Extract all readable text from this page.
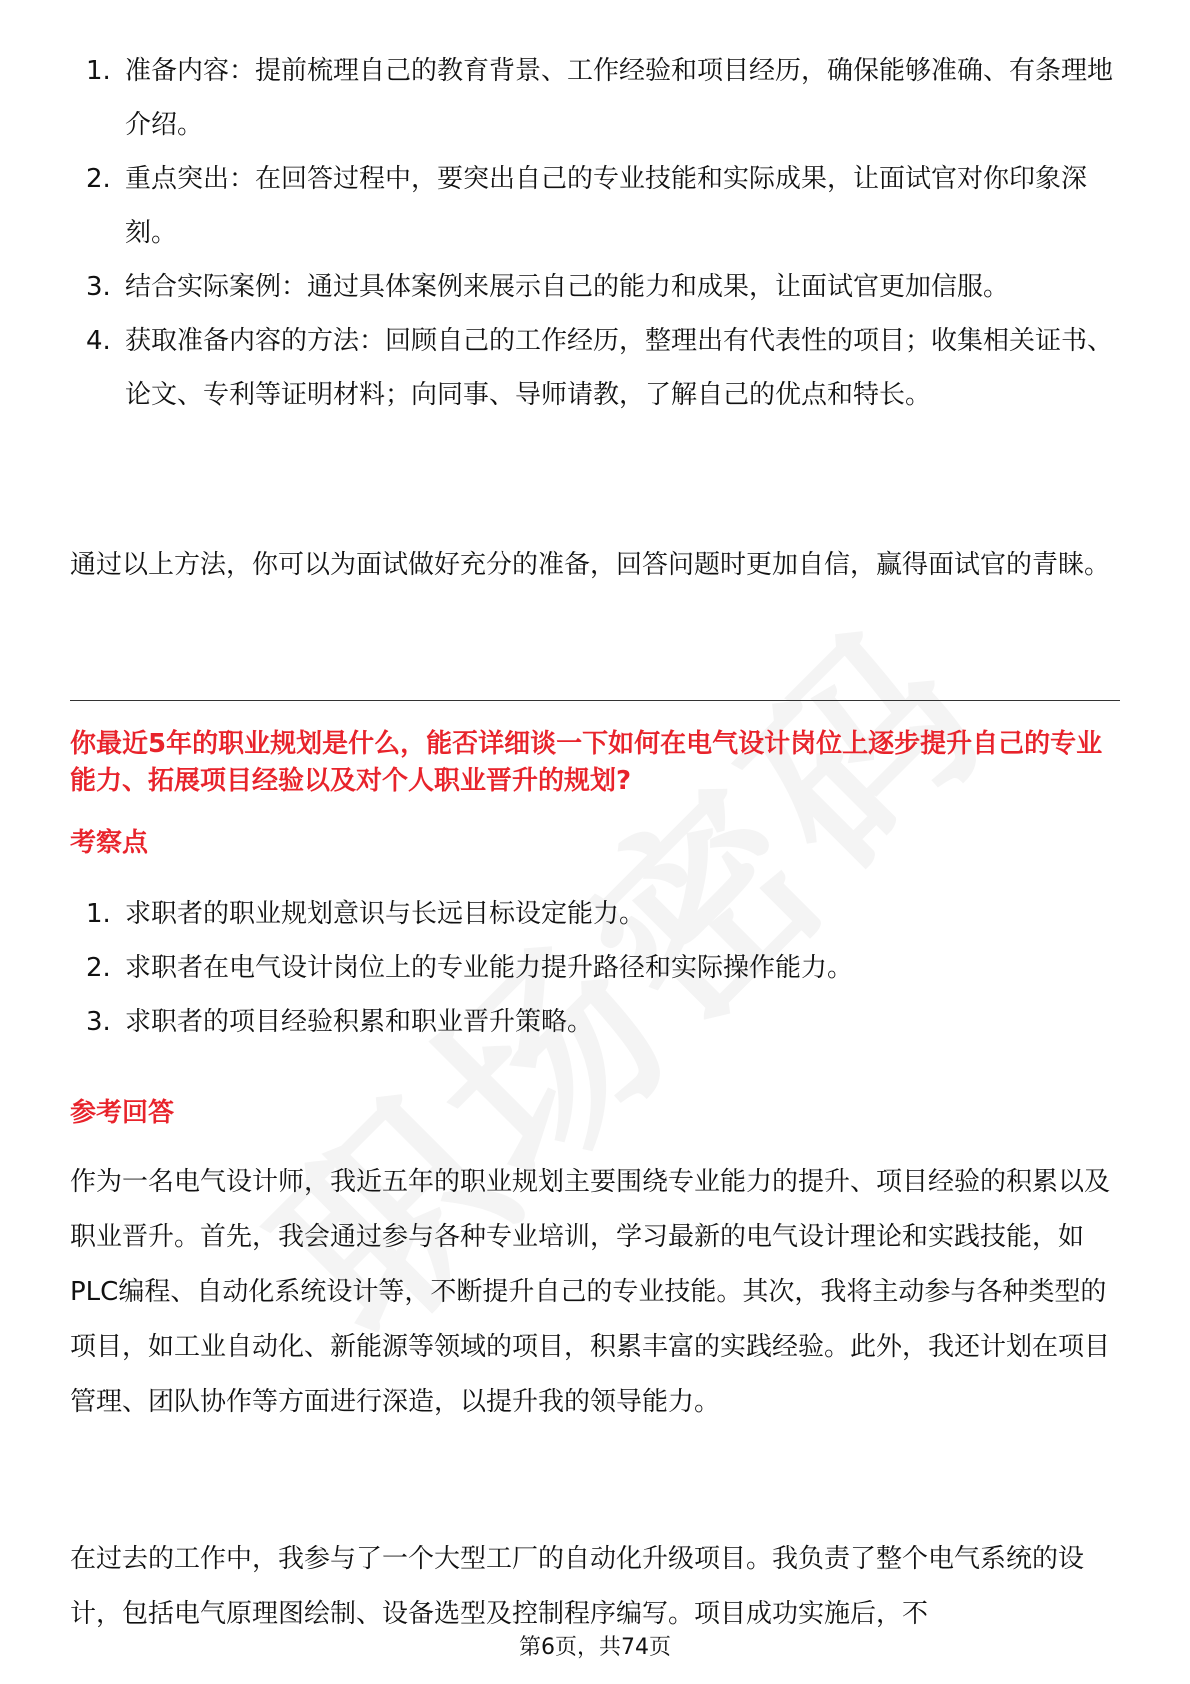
1. 准备内容：提前梳理自己的教育背景、工作经验和项目经历，确保能够准确、有条理地介绍。
2. 重点突出：在回答过程中，要突出自己的专业技能和实际成果，让面试官对你印象深刻。
3. 结合实际案例：通过具体案例来展示自己的能力和成果，让面试官更加信服。
4. 获取准备内容的方法：回顾自己的工作经历，整理出有代表性的项目；收集相关证书、论文、专利等证明材料；向同事、导师请教，了解自己的优点和特长。

通过以上方法，你可以为面试做好充分的准备，回答问题时更加自信，赢得面试官的青睐。

你最近5年的职业规划是什么，能否详细谈一下如何在电气设计岗位上逐步提升自己的专业能力、拓展项目经验以及对个人职业晋升的规划?

考察点
1. 求职者的职业规划意识与长远目标设定能力。
2. 求职者在电气设计岗位上的专业能力提升路径和实际操作能力。
3. 求职者的项目经验积累和职业晋升策略。
参考回答

作为一名电气设计师，我近五年的职业规划主要围绕专业能力的提升、项目经验的积累以及职业晋升。首先，我会通过参与各种专业培训，学习最新的电气设计理论和实践技能，如PLC编程、自动化系统设计等，不断提升自己的专业技能。其次，我将主动参与各种类型的项目，如工业自动化、新能源等领域的项目，积累丰富的实践经验。此外，我还计划在项目管理、团队协作等方面进行深造，以提升我的领导能力。

在过去的工作中，我参与了一个大型工厂的自动化升级项目。我负责了整个电气系统的设计，包括电气原理图绘制、设备选型及控制程序编写。项目成功实施后，不

第6页，共74页
